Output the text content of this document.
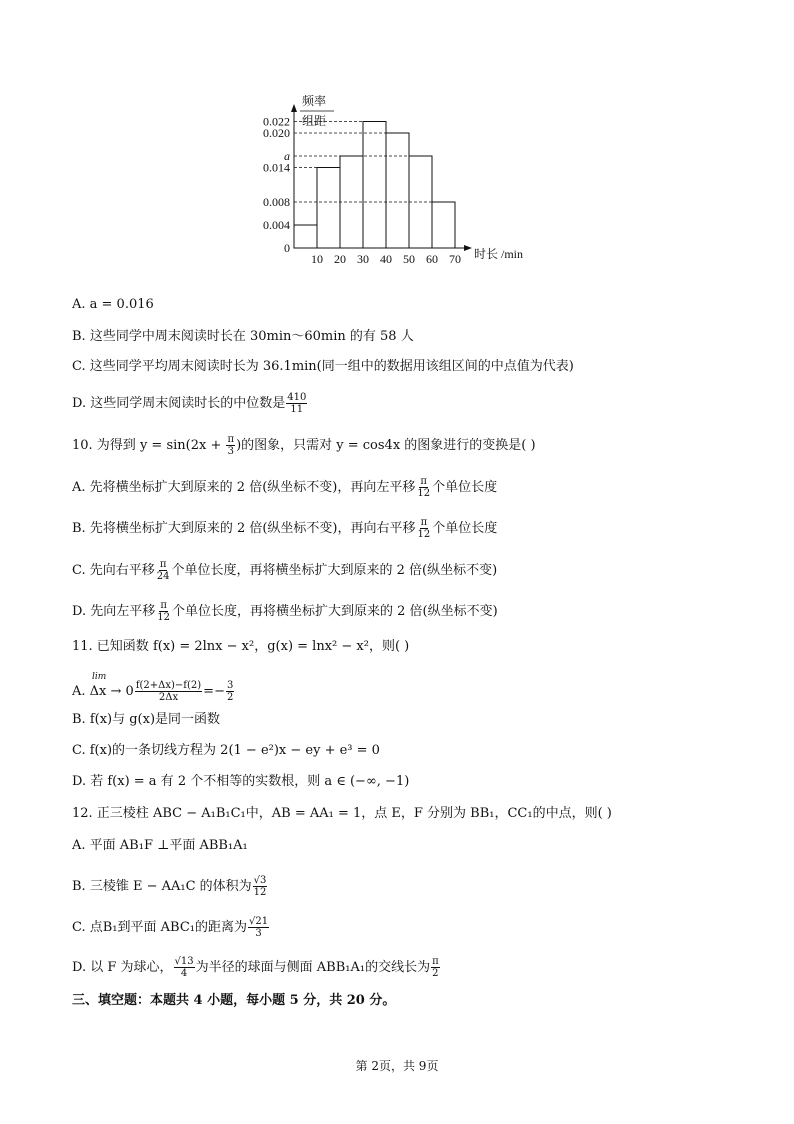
频率
组距
0
0.004
0.008
0.014
a
0.020
0.022
10 20 30 40 50 60 70 时长 /min
A. a = 0.016
B. 这些同学中周末阅读时长在 30min～60min 的有 58 人
C. 这些同学平均周末阅读时长为 36.1min(同一组中的数据用该组区间的中点值为代表)
D. 这些同学周末阅读时长的中位数是 $\frac{410}{11}$
10. 为得到 $y = \sin(2x + \frac{\pi}{3}$ )的图象，只需对 y = cos4x 的图象进行的变换是( )
A. 先将横坐标扩大到原来的 2 倍(纵坐标不变)，再向左平移 $\frac{\pi}{12}$ 个单位长度
B. 先将横坐标扩大到原来的 2 倍(纵坐标不变)，再向右平移 $\frac{\pi}{12}$ 个单位长度
C. 先向右平移 $\frac{\pi}{24}$ 个单位长度，再将横坐标扩大到原来的 2 倍(纵坐标不变)
D. 先向左平移 $\frac{\pi}{12}$ 个单位长度，再将横坐标扩大到原来的 2 倍(纵坐标不变)
11. 已知函数 f(x) = 2lnx − x²，g(x) = lnx² − x²，则( )
lim
A. $\Delta x \to 0 \frac{f(2+\Delta x)-f(2)}{2\Delta x} =- \frac{3}{2}$
B. f(x)与 g(x)是同一函数
C. f(x)的一条切线方程为 2(1 − e²)x − ey + e³ = 0
D. 若 f(x) = a 有 2 个不相等的实数根，则 a ∈ (−∞, −1)
12. 正三棱柱 ABC − A₁B₁C₁中，AB = AA₁ = 1，点 E，F 分别为 BB₁，CC₁的中点，则( )
A. 平面 AB₁F ⊥平面 ABB₁A₁
B. 三棱锥 E − AA₁C 的体积为 $\frac{√3}{12}$
C. 点B₁到平面 ABC₁的距离为 $\frac{√21}{3}$
D. 以 F 为球心， $\frac{√13}{4}$ 为半径的球面与侧面 ABB₁A₁的交线长为 $\frac{\pi}{2}$
三、填空题：本题共 4 小题，每小题 5 分，共 20 分。
第 2页，共 9页
